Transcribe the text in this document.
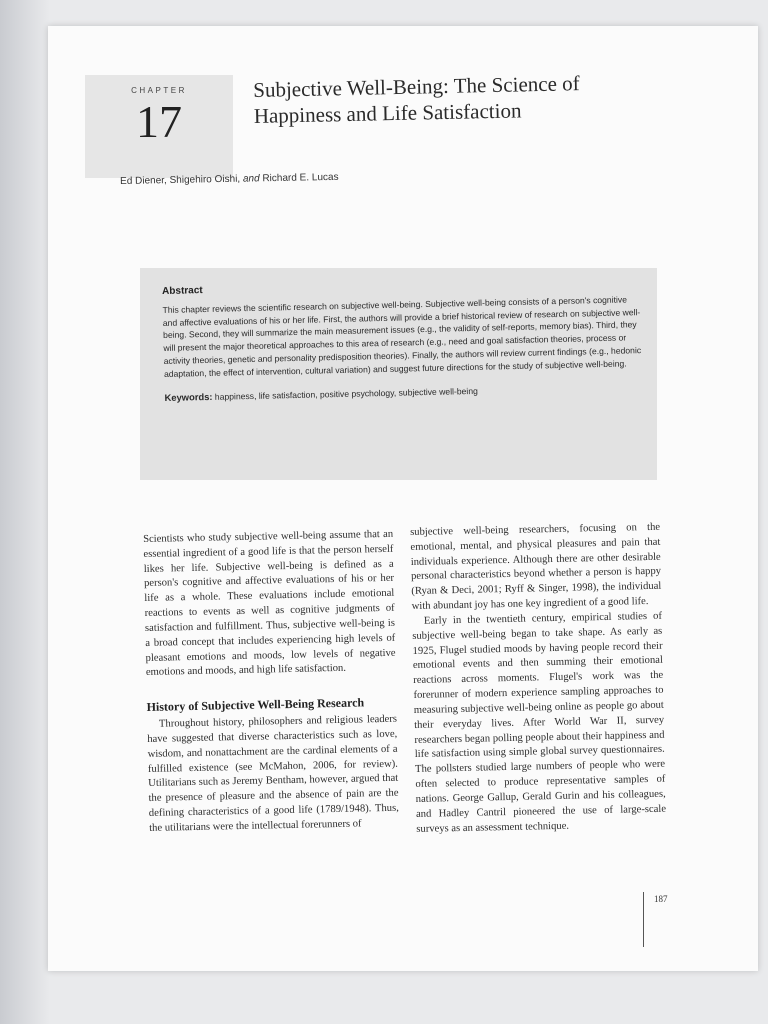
CHAPTER
17
Subjective Well-Being: The Science of
Happiness and Life Satisfaction
Ed Diener, Shigehiro Oishi, and Richard E. Lucas
Abstract
This chapter reviews the scientific research on subjective well-being. Subjective well-being consists of a person's cognitive and affective evaluations of his or her life. First, the authors will provide a brief historical review of research on subjective well-being. Second, they will summarize the main measurement issues (e.g., the validity of self-reports, memory bias). Third, they will present the major theoretical approaches to this area of research (e.g., need and goal satisfaction theories, process or activity theories, genetic and personality predisposition theories). Finally, the authors will review current findings (e.g., hedonic adaptation, the effect of intervention, cultural variation) and suggest future directions for the study of subjective well-being.
Keywords: happiness, life satisfaction, positive psychology, subjective well-being

Scientists who study subjective well-being assume that an essential ingredient of a good life is that the person herself likes her life. Subjective well-being is defined as a person's cognitive and affective evaluations of his or her life as a whole. These evaluations include emotional reactions to events as well as cognitive judgments of satisfaction and fulfillment. Thus, subjective well-being is a broad concept that includes experiencing high levels of pleasant emotions and moods, low levels of negative emotions and moods, and high life satisfaction.

History of Subjective Well-Being Research

Throughout history, philosophers and religious leaders have suggested that diverse characteristics such as love, wisdom, and nonattachment are the cardinal elements of a fulfilled existence (see McMahon, 2006, for review). Utilitarians such as Jeremy Bentham, however, argued that the presence of pleasure and the absence of pain are the defining characteristics of a good life (1789/1948). Thus, the utilitarians were the intellectual forerunners of

subjective well-being researchers, focusing on the emotional, mental, and physical pleasures and pain that individuals experience. Although there are other desirable personal characteristics beyond whether a person is happy (Ryan & Deci, 2001; Ryff & Singer, 1998), the individual with abundant joy has one key ingredient of a good life.

Early in the twentieth century, empirical studies of subjective well-being began to take shape. As early as 1925, Flugel studied moods by having people record their emotional events and then summing their emotional reactions across moments. Flugel's work was the forerunner of modern experience sampling approaches to measuring subjective well-being online as people go about their everyday lives. After World War II, survey researchers began polling people about their happiness and life satisfaction using simple global survey questionnaires. The pollsters studied large numbers of people who were often selected to produce representative samples of nations. George Gallup, Gerald Gurin and his colleagues, and Hadley Cantril pioneered the use of large-scale surveys as an assessment technique.

187
